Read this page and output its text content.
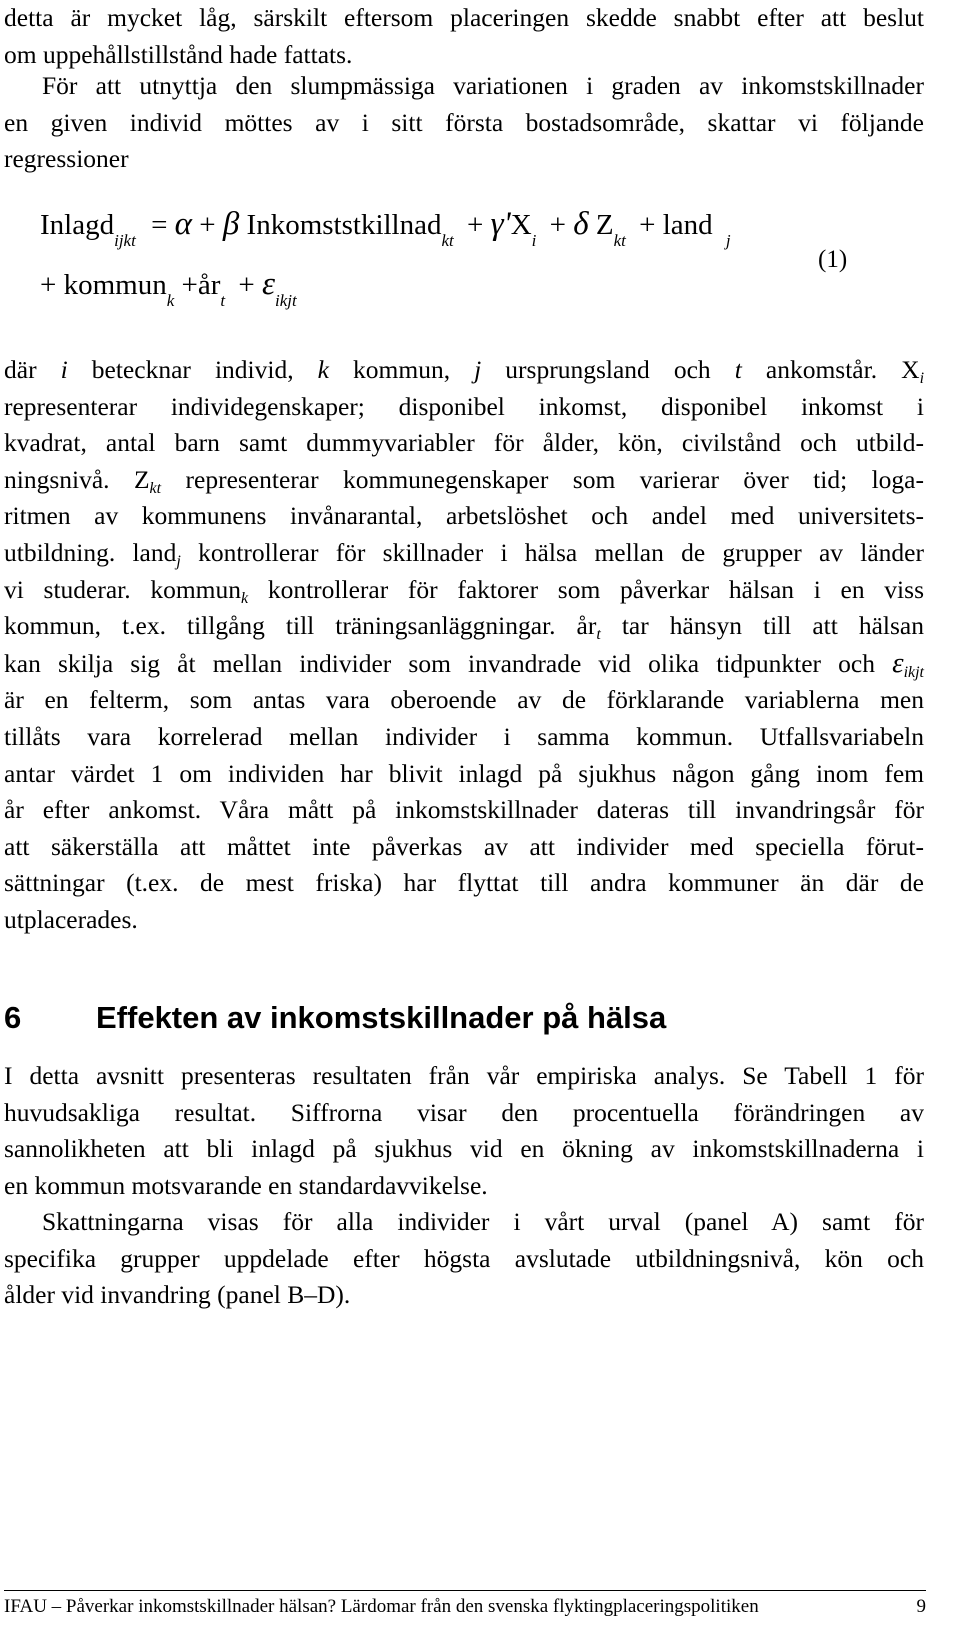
detta är mycket låg, särskilt eftersom placeringen skedde snabbt efter att beslut
om uppehållstillstånd hade fattats.
För att utnyttja den slumpmässiga variationen i graden av inkomstskillnader
en given individ möttes av i sitt första bostadsområde, skattar vi följande
regressioner
Inlagd$_{ijkt}$ = α + β Inkomststkillnad$_{kt}$ + $\gamma'X_i + \delta$ $Z_{kt}$ + land $_j$
+ kommun$_k$ $+år_t + \varepsilon_{ikjt}$
(1)
där i betecknar individ, k kommun, j ursprungsland och t ankomstår. $X_i$
representerar individegenskaper; disponibel inkomst, disponibel inkomst i
kvadrat, antal barn samt dummyvariabler för ålder, kön, civilstånd och utbild-
ningsnivå. $Z_{kt}$ representerar kommunegenskaper som varierar över tid; loga-
ritmen av kommunens invånarantal, arbetslöshet och andel med universitets-
utbildning. land$_j$ kontrollerar för skillnader i hälsa mellan de grupper av länder
vi studerar. kommun$_k$ kontrollerar för faktorer som påverkar hälsan i en viss
kommun, t.ex. tillgång till träningsanläggningar. $år_t$ tar hänsyn till att hälsan
kan skilja sig åt mellan individer som invandrade vid olika tidpunkter och $\varepsilon_{ikjt}$
är en felterm, som antas vara oberoende av de förklarande variablerna men
tillåts vara korrelerad mellan individer i samma kommun. Utfallsvariabeln
antar värdet 1 om individen har blivit inlagd på sjukhus någon gång inom fem
år efter ankomst. Våra mått på inkomstskillnader dateras till invandringsår för
att säkerställa att måttet inte påverkas av att individer med speciella förut-
sättningar (t.ex. de mest friska) har flyttat till andra kommuner än där de
utplacerades.
6 Effekten av inkomstskillnader på hälsa
I detta avsnitt presenteras resultaten från vår empiriska analys. Se Tabell 1 för
huvudsakliga resultat. Siffrorna visar den procentuella förändringen av
sannolikheten att bli inlagd på sjukhus vid en ökning av inkomstskillnaderna i
en kommun motsvarande en standardavvikelse.
Skattningarna visas för alla individer i vårt urval (panel A) samt för
specifika grupper uppdelade efter högsta avslutade utbildningsnivå, kön och
ålder vid invandring (panel B–D).
IFAU – Påverkar inkomstskillnader hälsan? Lärdomar från den svenska flyktingplaceringspolitiken	9
